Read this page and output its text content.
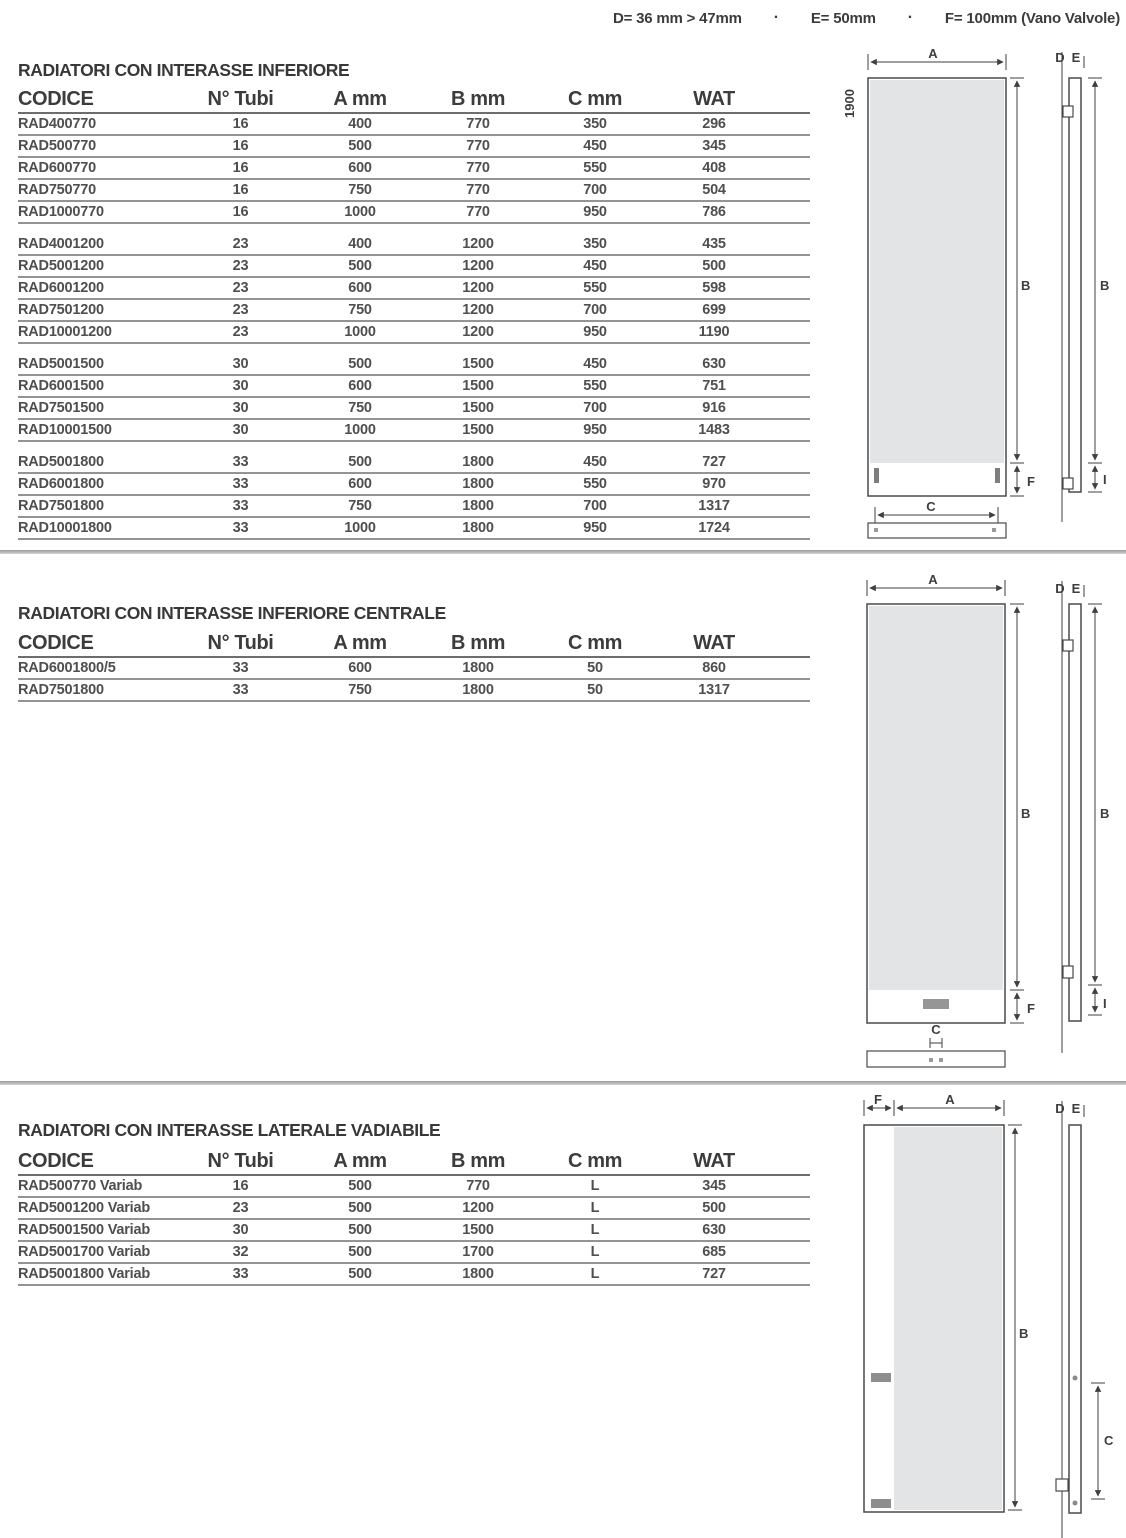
D= 36 mm > 47mm · E= 50mm · F= 100mm (Vano Valvole)
RADIATORI CON INTERASSE INFERIORE
CODICE	N° Tubi	A mm	B mm	C mm	WAT
RAD400770	16	400	770	350	296
RAD500770	16	500	770	450	345
RAD600770	16	600	770	550	408
RAD750770	16	750	770	700	504
RAD1000770	16	1000	770	950	786
RAD4001200	23	400	1200	350	435
RAD5001200	23	500	1200	450	500
RAD6001200	23	600	1200	550	598
RAD7501200	23	750	1200	700	699
RAD10001200	23	1000	1200	950	1190
RAD5001500	30	500	1500	450	630
RAD6001500	30	600	1500	550	751
RAD7501500	30	750	1500	700	916
RAD10001500	30	1000	1500	950	1483
RAD5001800	33	500	1800	450	727
RAD6001800	33	600	1800	550	970
RAD7501800	33	750	1800	700	1317
RAD10001800	33	1000	1800	950	1724
A
1900
B
F
C
D E
B
I
RADIATORI CON INTERASSE INFERIORE CENTRALE
CODICE	N° Tubi	A mm	B mm	C mm	WAT
RAD6001800/5	33	600	1800	50	860
RAD7501800	33	750	1800	50	1317
A
B
F
C
D E
B
I
RADIATORI CON INTERASSE LATERALE VADIABILE
CODICE	N° Tubi	A mm	B mm	C mm	WAT
RAD500770 Variab	16	500	770	L	345
RAD5001200 Variab	23	500	1200	L	500
RAD5001500 Variab	30	500	1500	L	630
RAD5001700 Variab	32	500	1700	L	685
RAD5001800 Variab	33	500	1800	L	727
F	A
B
D E
C
